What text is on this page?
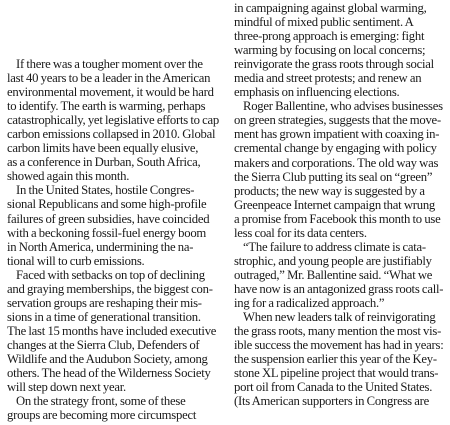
If there was a tougher moment over the
last 40 years to be a leader in the American
environmental movement, it would be hard
to identify. The earth is warming, perhaps
catastrophically, yet legislative efforts to cap
carbon emissions collapsed in 2010. Global
carbon limits have been equally elusive,
as a conference in Durban, South Africa,
showed again this month.
In the United States, hostile Congres-
sional Republicans and some high-profile
failures of green subsidies, have coincided
with a beckoning fossil-fuel energy boom
in North America, undermining the na-
tional will to curb emissions.
Faced with setbacks on top of declining
and graying memberships, the biggest con-
servation groups are reshaping their mis-
sions in a time of generational transition.
The last 15 months have included executive
changes at the Sierra Club, Defenders of
Wildlife and the Audubon Society, among
others. The head of the Wilderness Society
will step down next year.
On the strategy front, some of these
groups are becoming more circumspect
in campaigning against global warming,
mindful of mixed public sentiment. A
three-prong approach is emerging: fight
warming by focusing on local concerns;
reinvigorate the grass roots through social
media and street protests; and renew an
emphasis on influencing elections.
Roger Ballentine, who advises businesses
on green strategies, suggests that the move-
ment has grown impatient with coaxing in-
cremental change by engaging with policy
makers and corporations. The old way was
the Sierra Club putting its seal on “green”
products; the new way is suggested by a
Greenpeace Internet campaign that wrung
a promise from Facebook this month to use
less coal for its data centers.
“The failure to address climate is cata-
strophic, and young people are justifiably
outraged,” Mr. Ballentine said. “What we
have now is an antagonized grass roots call-
ing for a radicalized approach.”
When new leaders talk of reinvigorating
the grass roots, many mention the most vis-
ible success the movement has had in years:
the suspension earlier this year of the Key-
stone XL pipeline project that would trans-
port oil from Canada to the United States.
(Its American supporters in Congress are
